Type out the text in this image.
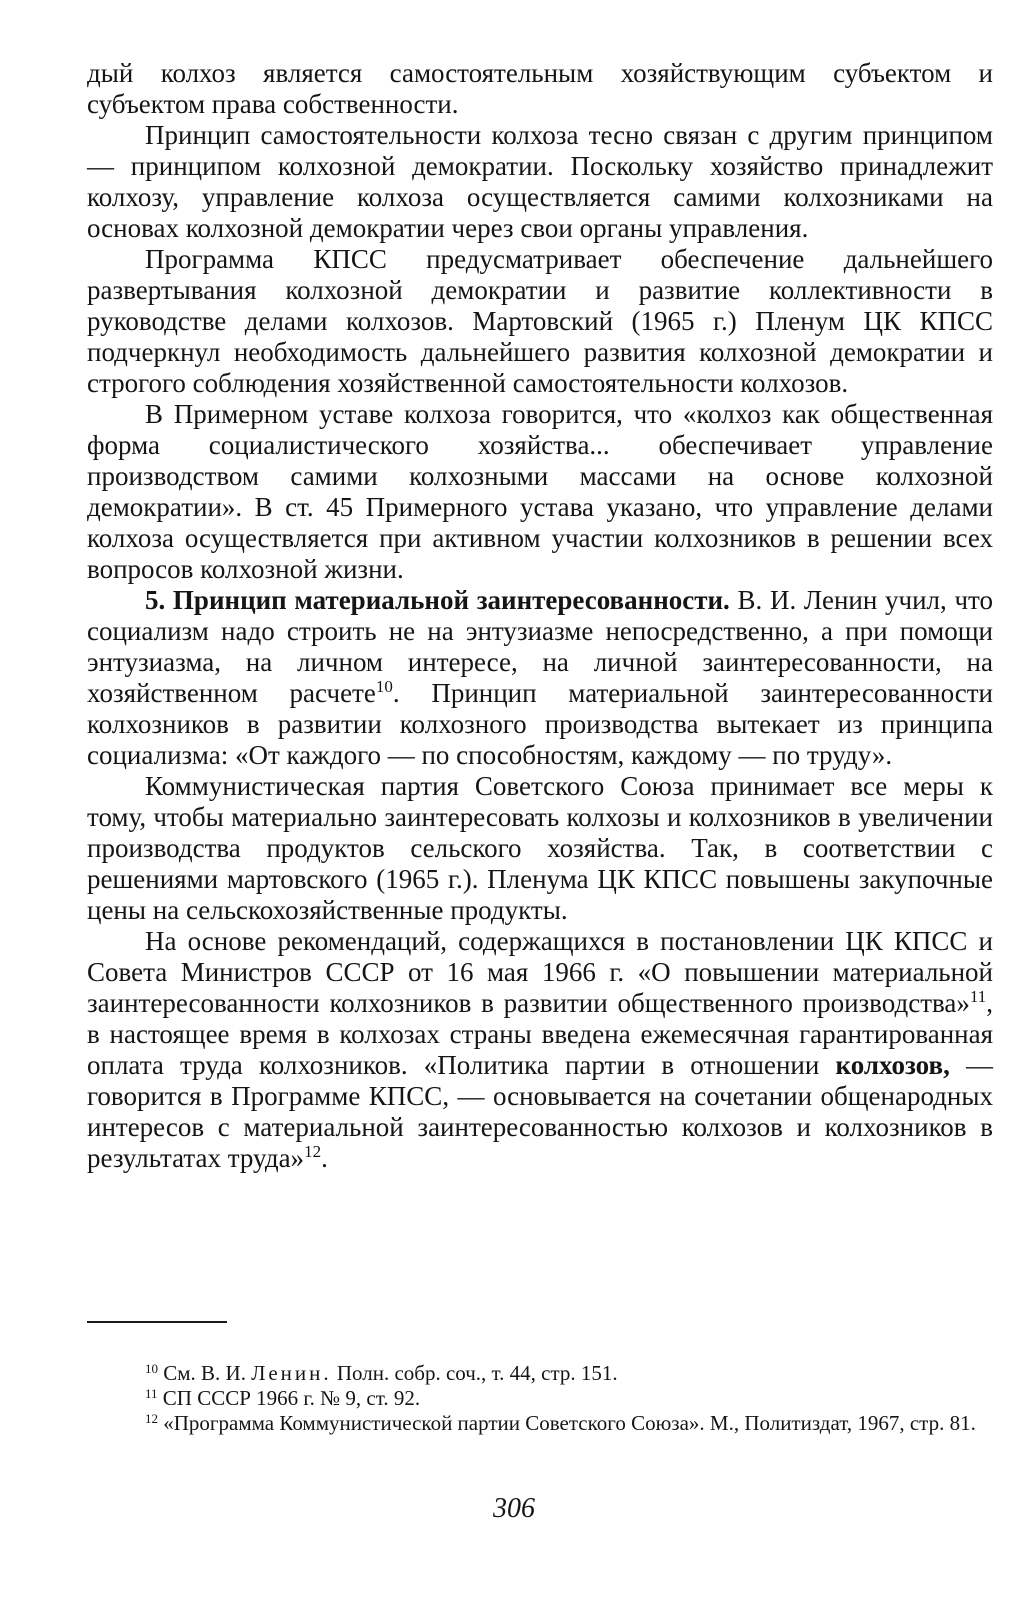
дый колхоз является самостоятельным хозяйствующим субъектом и субъектом права собственности.

Принцип самостоятельности колхоза тесно связан с другим принципом — принципом колхозной демократии. Поскольку хозяйство принадлежит колхозу, управление колхоза осуществляется самими колхозниками на основах колхозной демократии через свои органы управления.

Программа КПСС предусматривает обеспечение дальнейшего развертывания колхозной демократии и развитие коллективности в руководстве делами колхозов. Мартовский (1965 г.) Пленум ЦК КПСС подчеркнул необходимость дальнейшего развития колхозной демократии и строгого соблюдения хозяйственной самостоятельности колхозов.

В Примерном уставе колхоза говорится, что «колхоз как общественная форма социалистического хозяйства... обеспечивает управление производством самими колхозными массами на основе колхозной демократии». В ст. 45 Примерного устава указано, что управление делами колхоза осуществляется при активном участии колхозников в решении всех вопросов колхозной жизни.

5. Принцип материальной заинтересованности. В. И. Ленин учил, что социализм надо строить не на энтузиазме непосредственно, а при помощи энтузиазма, на личном интересе, на личной заинтересованности, на хозяйственном расчете$^{10}$. Принцип материальной заинтересованности колхозников в развитии колхозного производства вытекает из принципа социализма: «От каждого — по способностям, каждому — по труду».

Коммунистическая партия Советского Союза принимает все меры к тому, чтобы материально заинтересовать колхозы и колхозников в увеличении производства продуктов сельского хозяйства. Так, в соответствии с решениями мартовского (1965 г.). Пленума ЦК КПСС повышены закупочные цены на сельскохозяйственные продукты.

На основе рекомендаций, содержащихся в постановлении ЦК КПСС и Совета Министров СССР от 16 мая 1966 г. «О повышении материальной заинтересованности колхозников в развитии общественного производства»$^{11}$, в настоящее время в колхозах страны введена ежемесячная гарантированная оплата труда колхозников. «Политика партии в отношении колхозов, — говорится в Программе КПСС, — основывается на сочетании общенародных интересов с материальной заинтересованностью колхозов и колхозников в результатах труда»$^{12}$.

$^{10}$ См. В. И. Ленин. Полн. собр. соч., т. 44, стр. 151.

$^{11}$ СП СССР 1966 г. № 9, ст. 92.

$^{12}$ «Программа Коммунистической партии Советского Союза». М., Политиздат, 1967, стр. 81.

306
